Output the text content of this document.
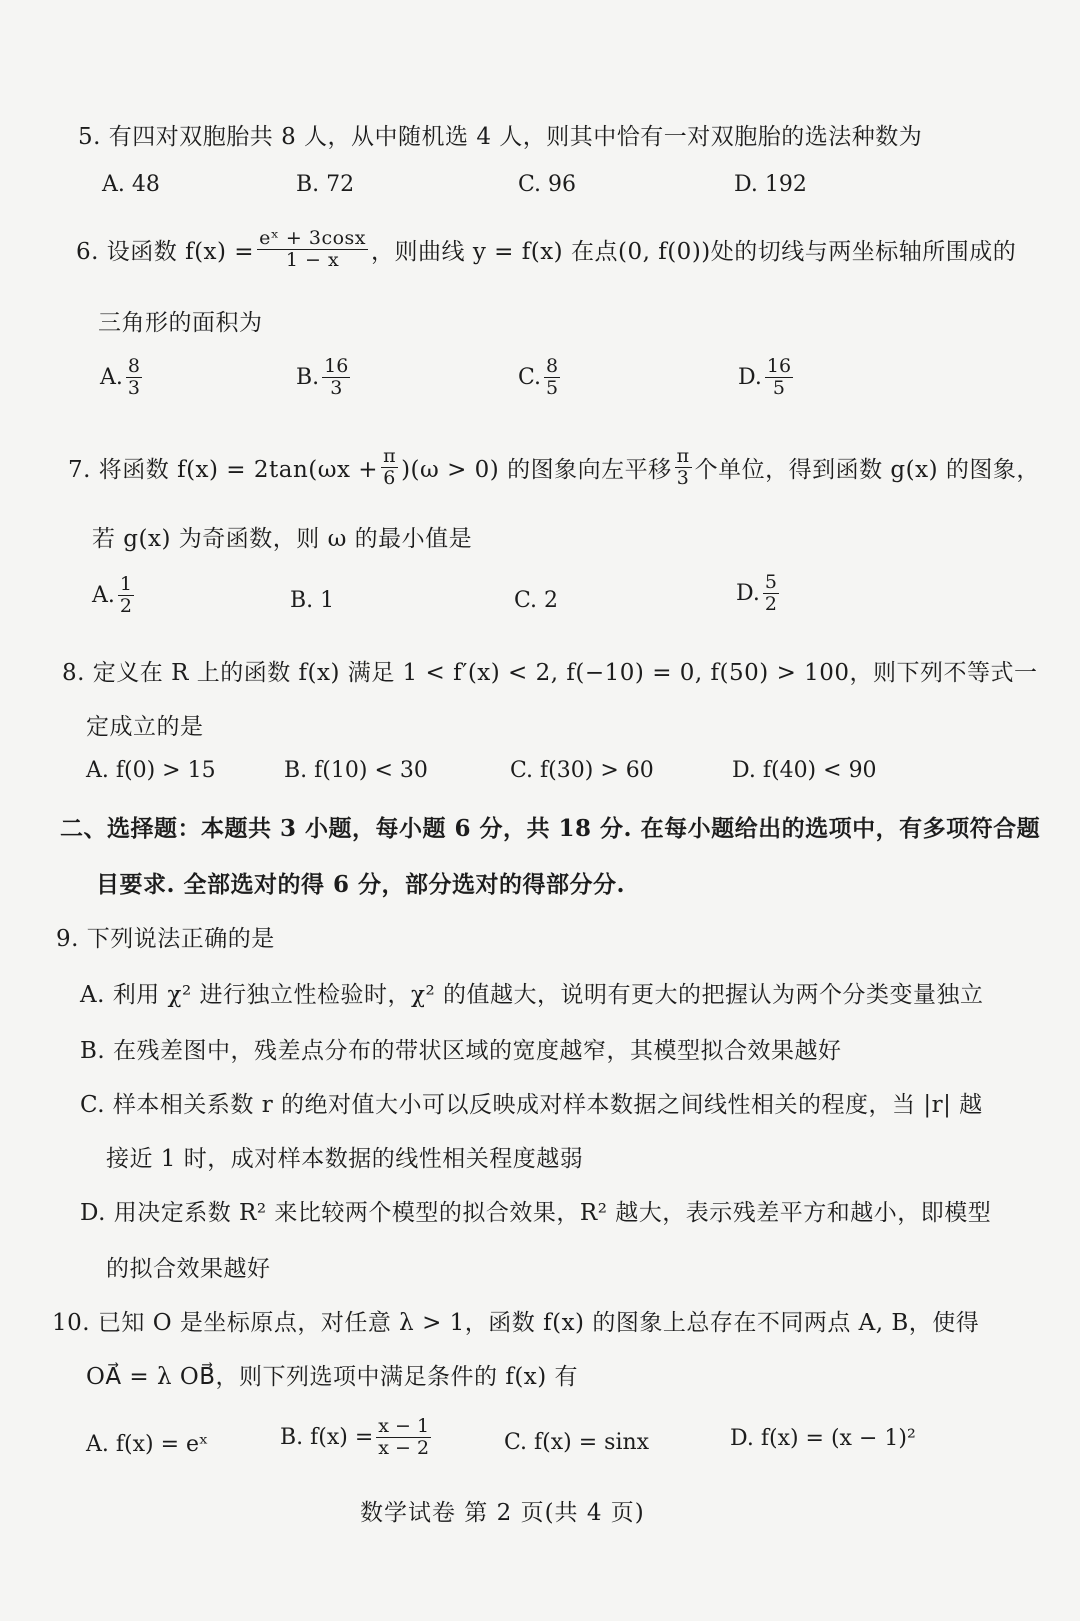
5. 有四对双胞胎共 8 人，从中随机选 4 人，则其中恰有一对双胞胎的选法种数为
A. 48	B. 72	C. 96	D. 192
6. 设函数 $f(x) = \frac{\text{eˣ + 3cosx}}{1 - x}$ ，则曲线 y = f(x) 在点(0, f(0))处的切线与两坐标轴所围成的
三角形的面积为
A. $\frac{8}{3}$	B. $\frac{16}{3}$	C. $\frac{8}{5}$	D. $\frac{16}{5}$
7. 将函数 $f(x) = 2\tan(\omega x + \frac{\pi}{6} )(\omega > 0)$ 的图象向左平移 $\frac{\pi}{3}$ 个单位，得到函数 g(x) 的图象，
若 g(x) 为奇函数，则 ω 的最小值是
A. $\frac{1}{2}$	B. 1	C. 2	D. $\frac{5}{2}$
8. 定义在 R 上的函数 f(x) 满足 1 < f′(x) < 2, f(−10) = 0, f(50) > 100，则下列不等式一
定成立的是
A. f(0) > 15	B. f(10) < 30	C. f(30) > 60	D. f(40) < 90
二、选择题：本题共 3 小题，每小题 6 分，共 18 分. 在每小题给出的选项中，有多项符合题
目要求. 全部选对的得 6 分，部分选对的得部分分.
9. 下列说法正确的是
A. 利用 χ² 进行独立性检验时，χ² 的值越大，说明有更大的把握认为两个分类变量独立
B. 在残差图中，残差点分布的带状区域的宽度越窄，其模型拟合效果越好
C. 样本相关系数 r 的绝对值大小可以反映成对样本数据之间线性相关的程度，当 |r| 越
接近 1 时，成对样本数据的线性相关程度越弱
D. 用决定系数 R² 来比较两个模型的拟合效果，R² 越大，表示残差平方和越小，即模型
的拟合效果越好
10. 已知 O 是坐标原点，对任意 λ > 1，函数 f(x) 的图象上总存在不同两点 A, B，使得
OA⃗ = λ OB⃗，则下列选项中满足条件的 f(x) 有
A. f(x) = eˣ	B. $f(x) = \frac{x - 1}{x - 2}$	C. f(x) = sinx	D. f(x) = (x − 1)²
数学试卷 第 2 页(共 4 页)
